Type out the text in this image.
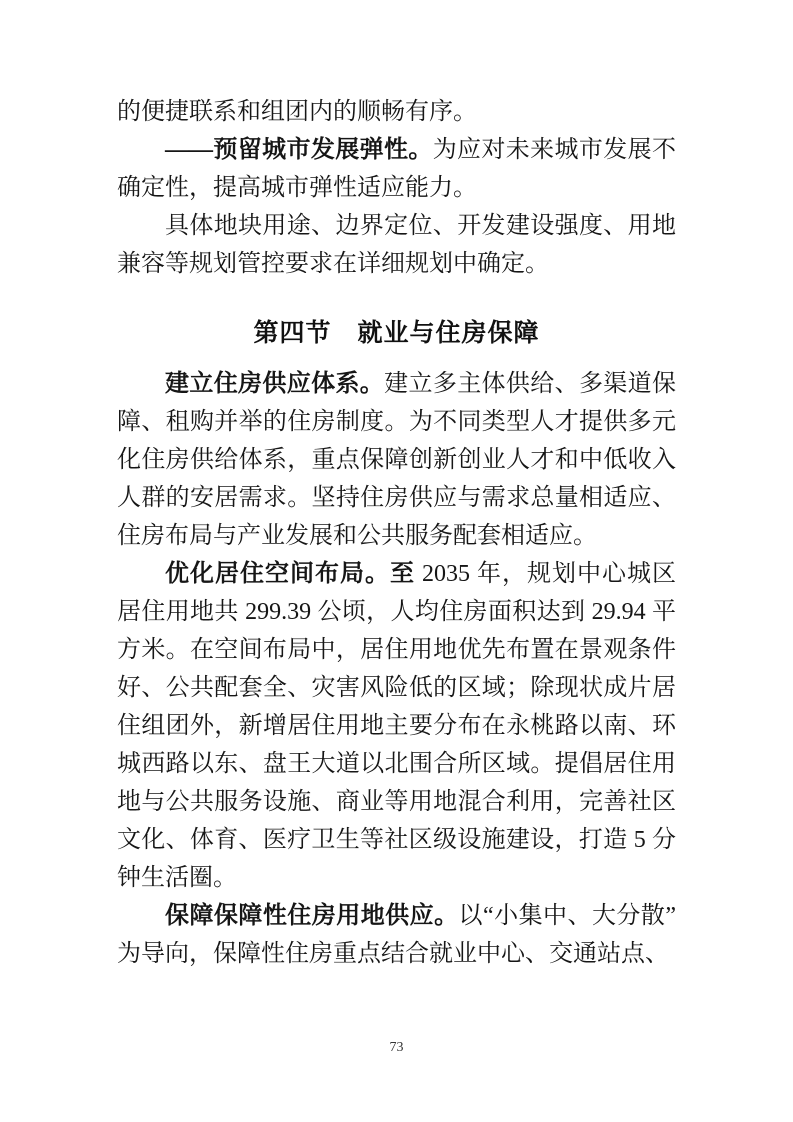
的便捷联系和组团内的顺畅有序。

——预留城市发展弹性。为应对未来城市发展不确定性，提高城市弹性适应能力。

具体地块用途、边界定位、开发建设强度、用地兼容等规划管控要求在详细规划中确定。

第四节　就业与住房保障

建立住房供应体系。建立多主体供给、多渠道保障、租购并举的住房制度。为不同类型人才提供多元化住房供给体系，重点保障创新创业人才和中低收入人群的安居需求。坚持住房供应与需求总量相适应、住房布局与产业发展和公共服务配套相适应。

优化居住空间布局。至 2035 年，规划中心城区居住用地共 299.39 公顷，人均住房面积达到 29.94 平方米。在空间布局中，居住用地优先布置在景观条件好、公共配套全、灾害风险低的区域；除现状成片居住组团外，新增居住用地主要分布在永桃路以南、环城西路以东、盘王大道以北围合所区域。提倡居住用地与公共服务设施、商业等用地混合利用，完善社区文化、体育、医疗卫生等社区级设施建设，打造 5 分钟生活圈。

保障保障性住房用地供应。以“小集中、大分散”为导向，保障性住房重点结合就业中心、交通站点、

73
